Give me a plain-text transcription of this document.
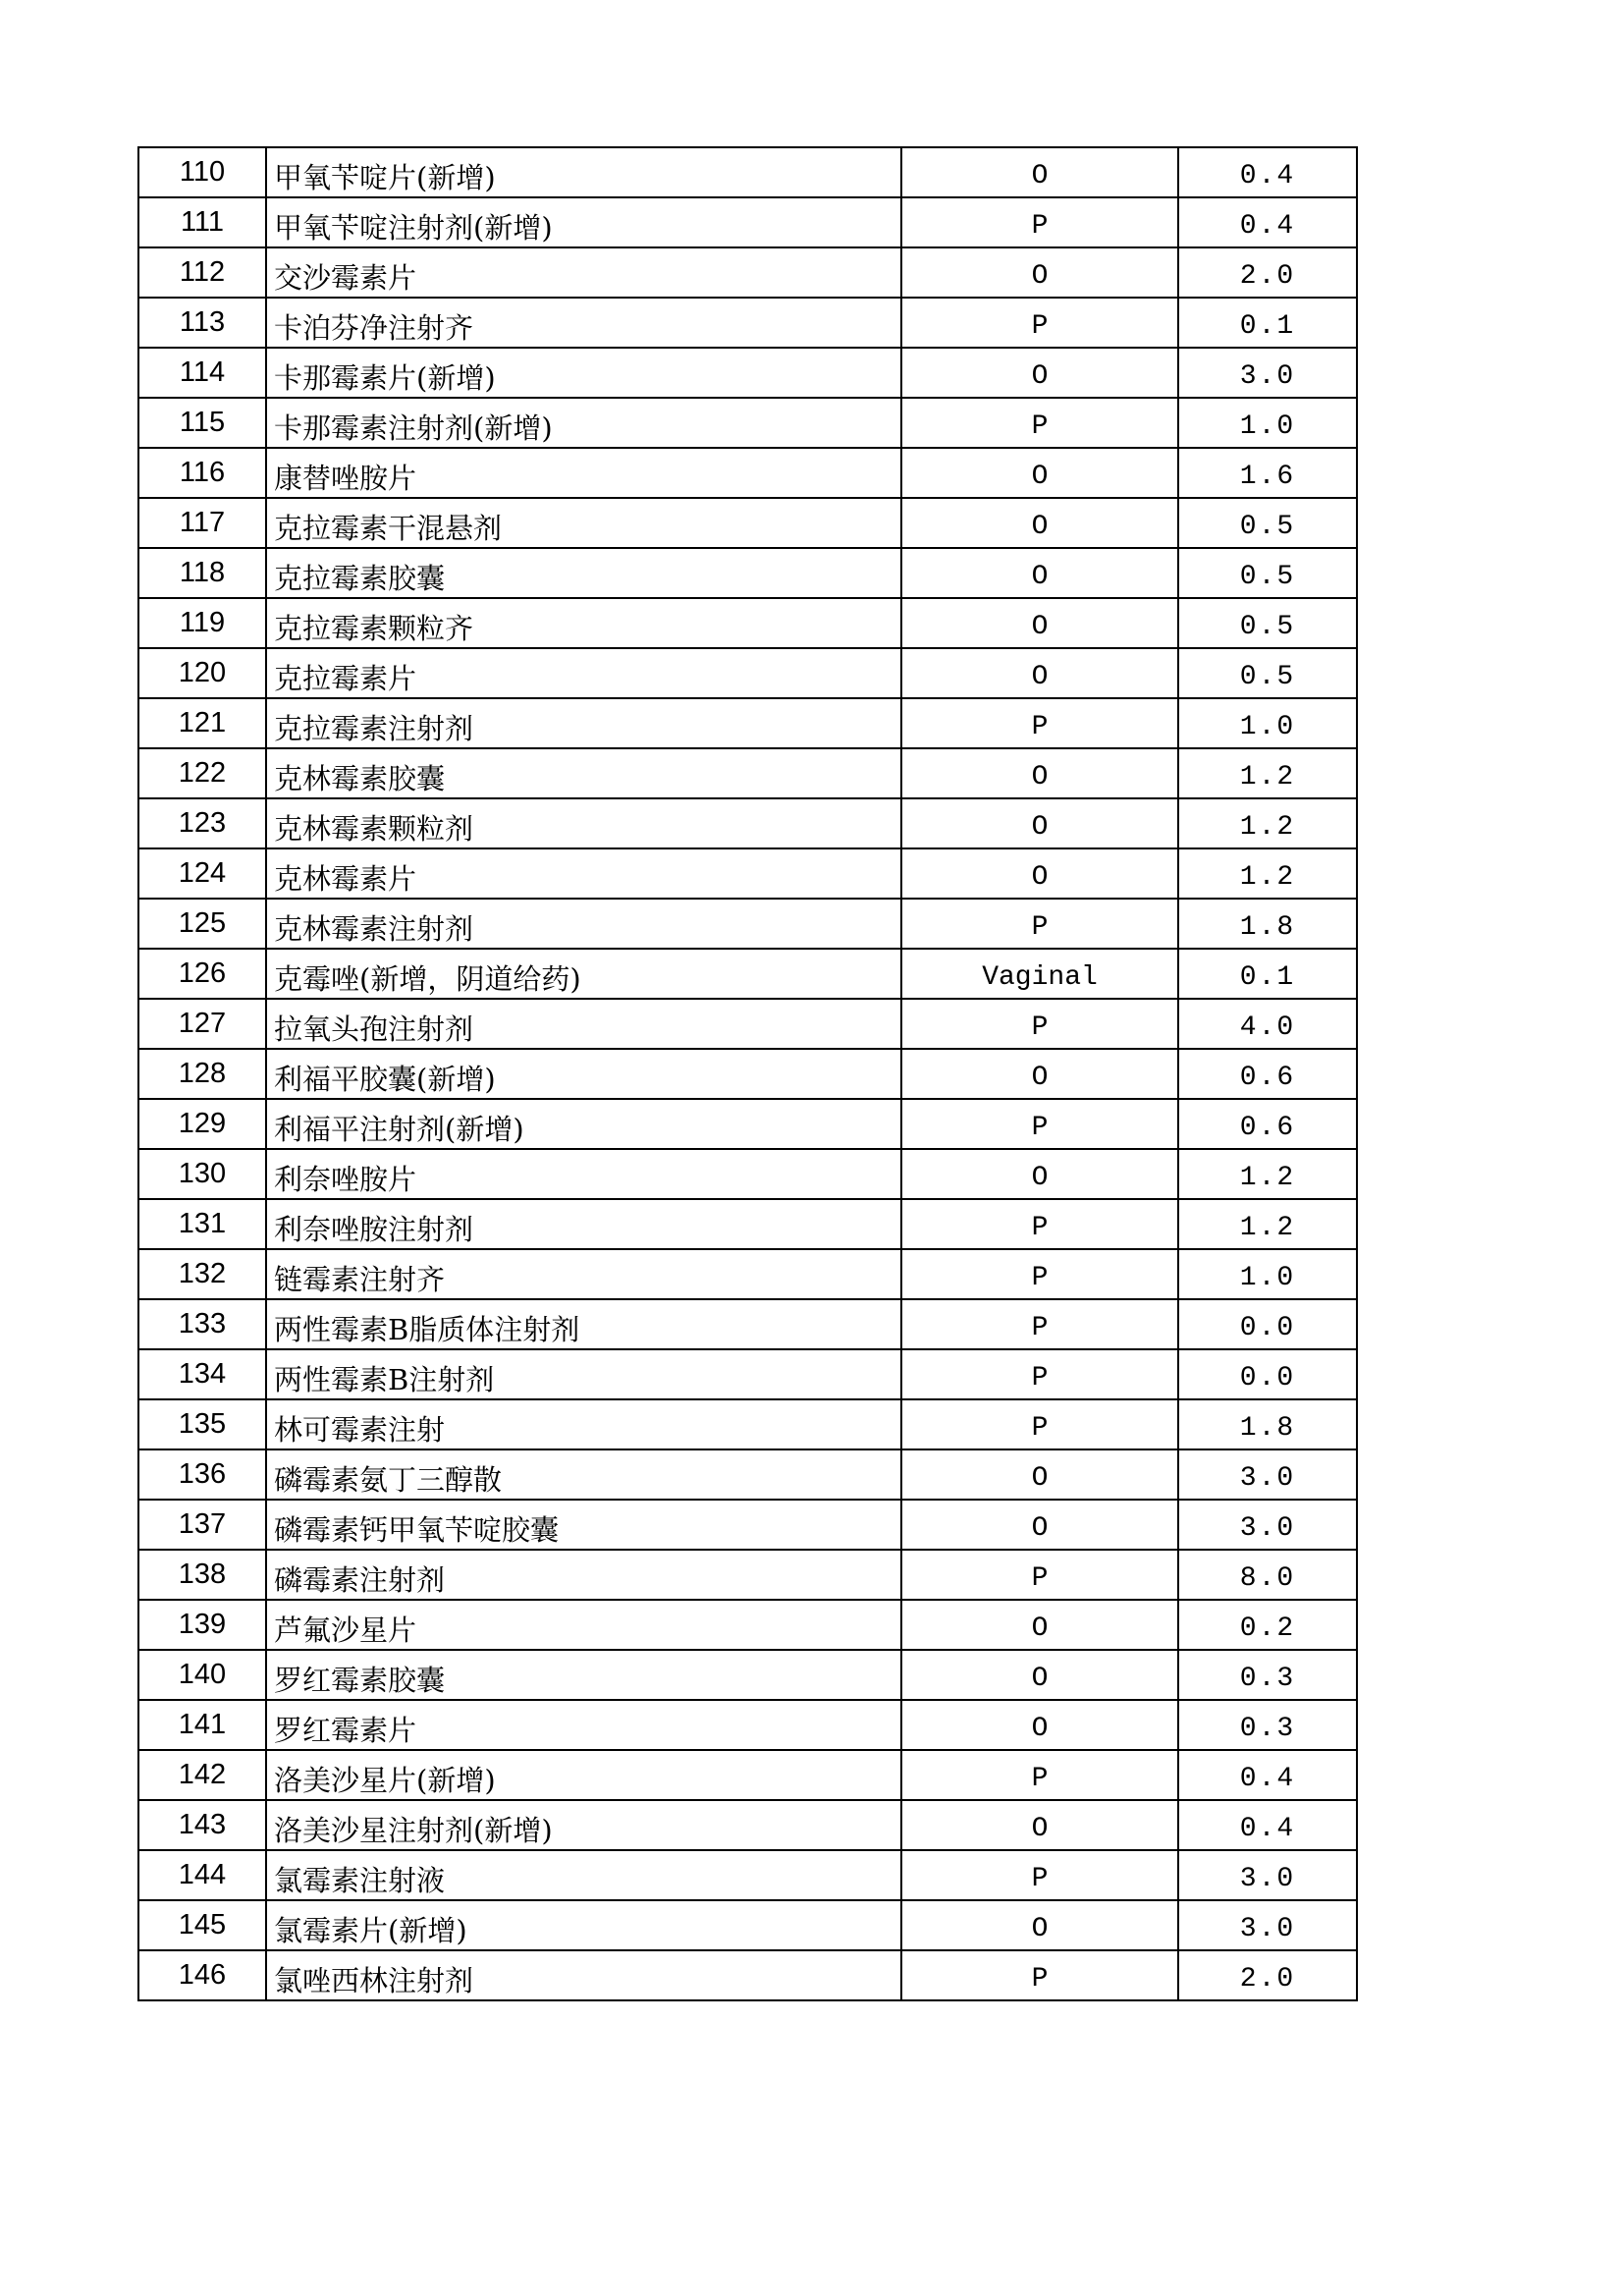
110	甲氧苄啶片(新增)	O	0.4
111	甲氧苄啶注射剂(新增)	P	0.4
112	交沙霉素片	O	2.0
113	卡泊芬净注射齐	P	0.1
114	卡那霉素片(新增)	O	3.0
115	卡那霉素注射剂(新增)	P	1.0
116	康替唑胺片	O	1.6
117	克拉霉素干混悬剂	O	0.5
118	克拉霉素胶囊	O	0.5
119	克拉霉素颗粒齐	O	0.5
120	克拉霉素片	O	0.5
121	克拉霉素注射剂	P	1.0
122	克林霉素胶囊	O	1.2
123	克林霉素颗粒剂	O	1.2
124	克林霉素片	O	1.2
125	克林霉素注射剂	P	1.8
126	克霉唑(新增，阴道给药)	Vaginal	0.1
127	拉氧头孢注射剂	P	4.0
128	利福平胶囊(新增)	O	0.6
129	利福平注射剂(新增)	P	0.6
130	利奈唑胺片	O	1.2
131	利奈唑胺注射剂	P	1.2
132	链霉素注射齐	P	1.0
133	两性霉素B脂质体注射剂	P	0.0
134	两性霉素B注射剂	P	0.0
135	林可霉素注射	P	1.8
136	磷霉素氨丁三醇散	O	3.0
137	磷霉素钙甲氧苄啶胶囊	O	3.0
138	磷霉素注射剂	P	8.0
139	芦氟沙星片	O	0.2
140	罗红霉素胶囊	O	0.3
141	罗红霉素片	O	0.3
142	洛美沙星片(新增)	P	0.4
143	洛美沙星注射剂(新增)	O	0.4
144	氯霉素注射液	P	3.0
145	氯霉素片(新增)	O	3.0
146	氯唑西林注射剂	P	2.0
